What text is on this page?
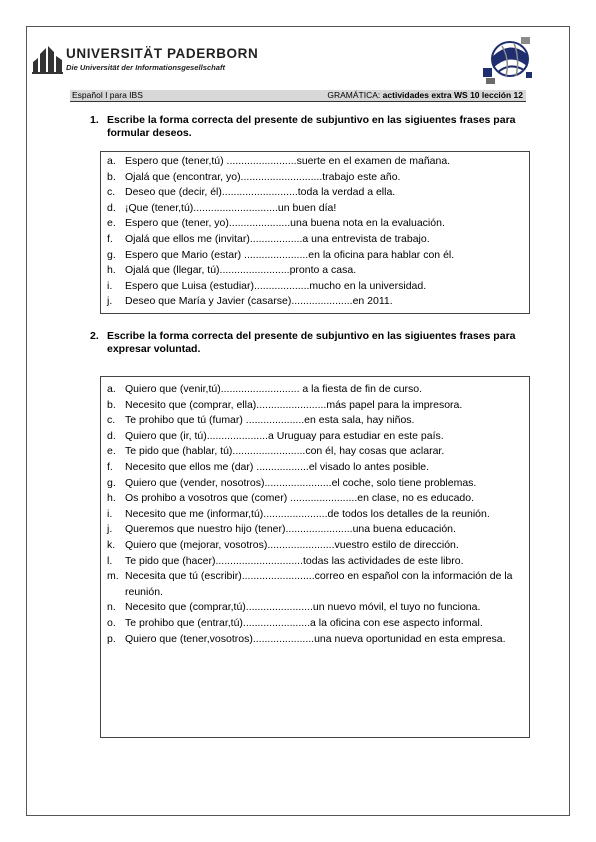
UNIVERSITÄT PADERBORN
Die Universität der Informationsgesellschaft
Español I para IBS	GRAMÁTICA: actividades extra WS 10 lección 12
1. Escribe la forma correcta del presente de subjuntivo en las sigiuentes frases para formular deseos.
a. Espero que (tener,tú) ........................suerte en el examen de mañana.
b. Ojalá que (encontrar, yo)............................trabajo este año.
c. Deseo que (decir, él)..........................toda la verdad a ella.
d. ¡Que (tener,tú).............................un buen día!
e. Espero que (tener, yo).....................una buena nota en la evaluación.
f. Ojalá que ellos me (invitar)..................a una entrevista de trabajo.
g. Espero que Mario (estar) ......................en la oficina para hablar con él.
h. Ojalá que (llegar, tú)........................pronto a casa.
i. Espero que Luisa (estudiar)...................mucho en la universidad.
j. Deseo que María y Javier (casarse).....................en 2011.
2. Escribe la forma correcta del presente de subjuntivo en las sigiuentes frases para expresar voluntad.
a. Quiero que (venir,tú)........................... a la fiesta de fin de curso.
b. Necesito que (comprar, ella)........................más papel para la impresora.
c. Te prohibo que tú (fumar) ....................en esta sala, hay niños.
d. Quiero que (ir, tú).....................a Uruguay para estudiar en este país.
e. Te pido que (hablar, tú).........................con él, hay cosas que aclarar.
f. Necesito que ellos me (dar) ..................el visado lo antes posible.
g. Quiero que (vender, nosotros).......................el coche, solo tiene problemas.
h. Os prohibo a vosotros que (comer) .......................en clase, no es educado.
i. Necesito que me (informar,tú)......................de todos los detalles de la reunión.
j. Queremos que nuestro hijo (tener).......................una buena educación.
k. Quiero que (mejorar, vosotros).......................vuestro estilo de dirección.
l. Te pido que (hacer)..............................todas las actividades de este libro.
m. Necesita que tú (escribir).........................correo en español con la información de la reunión.
n. Necesito que (comprar,tú).......................un nuevo móvil, el tuyo no funciona.
o. Te prohibo que (entrar,tú).......................a la oficina con ese aspecto informal.
p. Quiero que (tener,vosotros).....................una nueva oportunidad en esta empresa.
